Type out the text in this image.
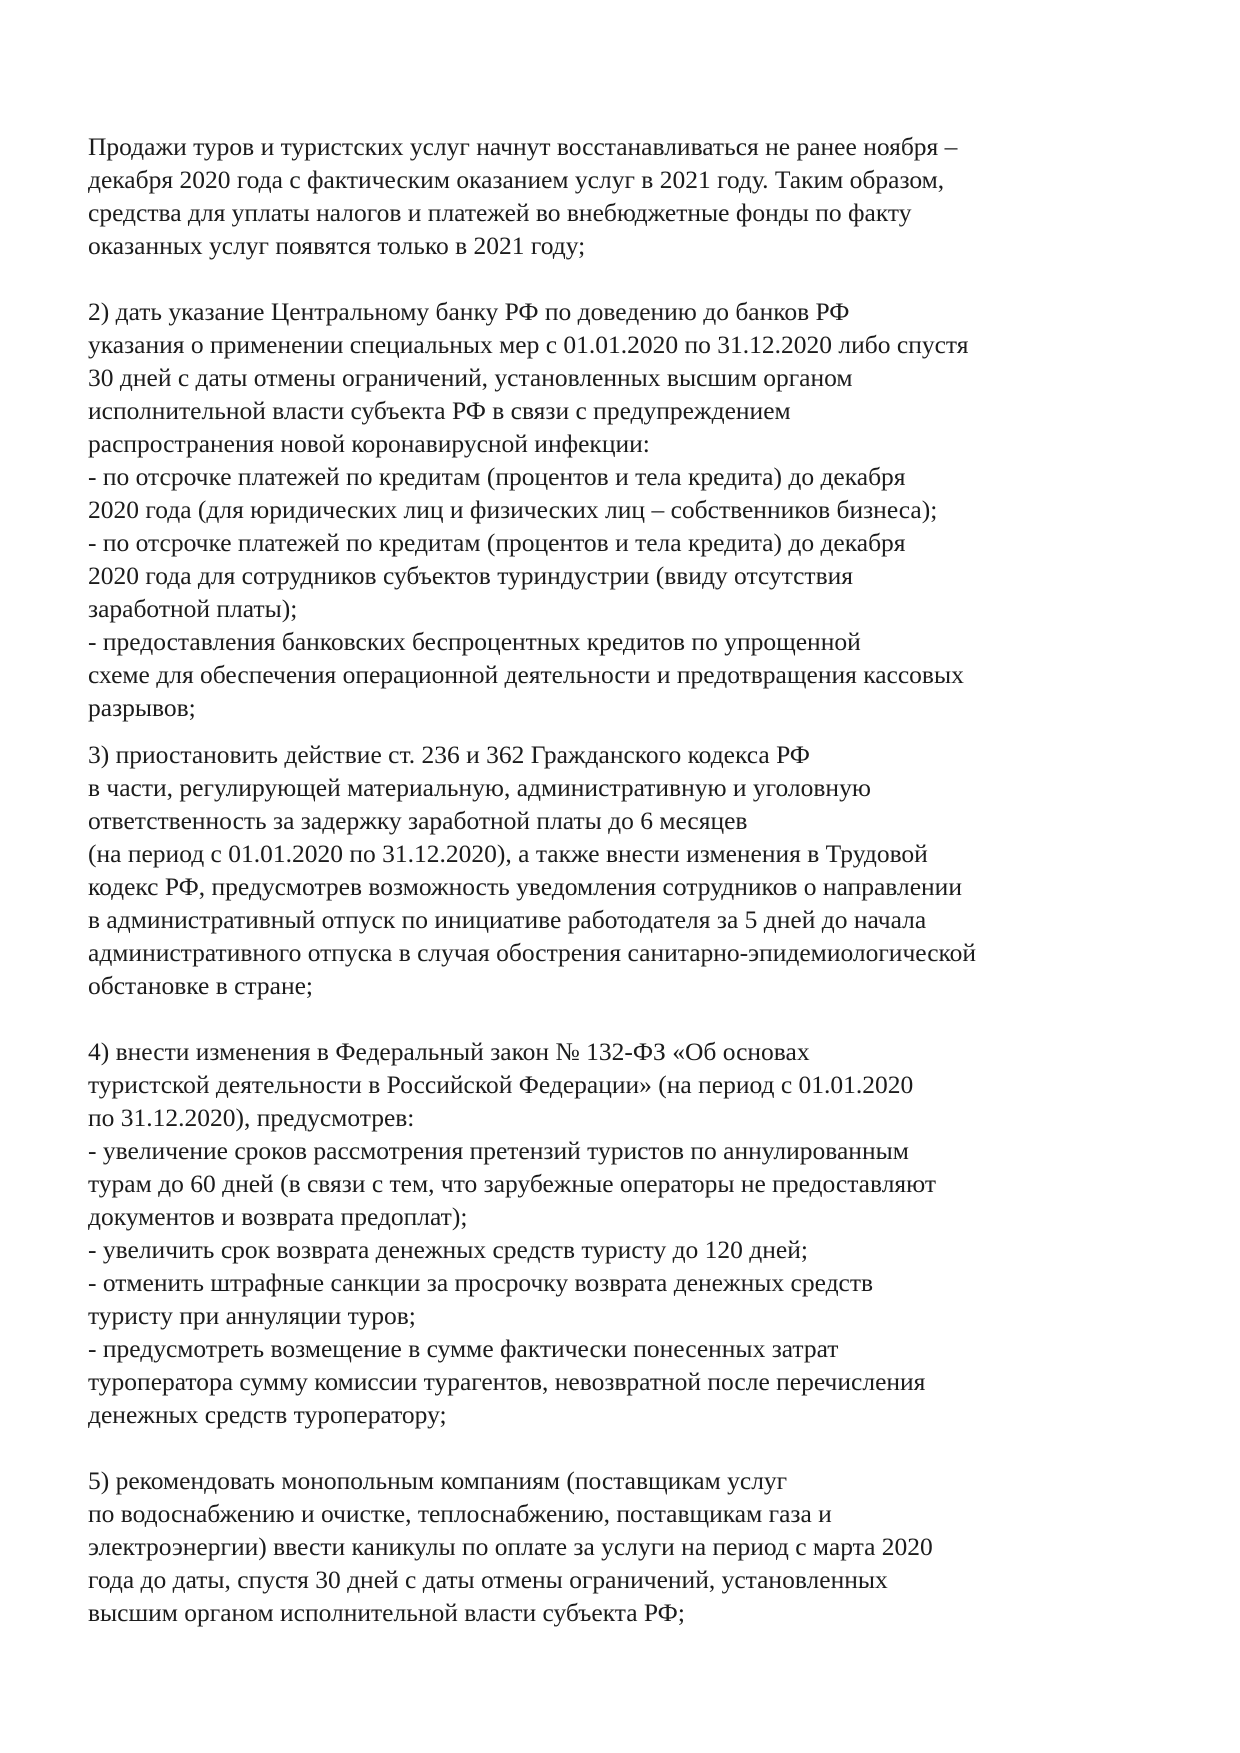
Продажи туров и туристских услуг начнут восстанавливаться не ранее ноября –
декабря 2020 года с фактическим оказанием услуг в 2021 году. Таким образом,
средства для уплаты налогов и платежей во внебюджетные фонды по факту
оказанных услуг появятся только в 2021 году;

2) дать указание Центральному банку РФ по доведению до банков РФ
указания о применении специальных мер с 01.01.2020 по 31.12.2020 либо спустя
30 дней с даты отмены ограничений, установленных высшим органом
исполнительной власти субъекта РФ в связи с предупреждением
распространения новой коронавирусной инфекции:
- по отсрочке платежей по кредитам (процентов и тела кредита) до декабря
2020 года (для юридических лиц и физических лиц – собственников бизнеса);
- по отсрочке платежей по кредитам (процентов и тела кредита) до декабря
2020 года для сотрудников субъектов туриндустрии (ввиду отсутствия
заработной платы);
- предоставления банковских беспроцентных кредитов по упрощенной
схеме для обеспечения операционной деятельности и предотвращения кассовых
разрывов;

3) приостановить действие ст. 236 и 362 Гражданского кодекса РФ
в части, регулирующей материальную, административную и уголовную
ответственность за задержку заработной платы до 6 месяцев
(на период с 01.01.2020 по 31.12.2020), а также внести изменения в Трудовой
кодекс РФ, предусмотрев возможность уведомления сотрудников о направлении
в административный отпуск по инициативе работодателя за 5 дней до начала
административного отпуска в случая обострения санитарно-эпидемиологической
обстановке в стране;

4) внести изменения в Федеральный закон № 132-ФЗ «Об основах
туристской деятельности в Российской Федерации» (на период с 01.01.2020
по 31.12.2020), предусмотрев:
- увеличение сроков рассмотрения претензий туристов по аннулированным
турам до 60 дней (в связи с тем, что зарубежные операторы не предоставляют
документов и возврата предоплат);
- увеличить срок возврата денежных средств туристу до 120 дней;
- отменить штрафные санкции за просрочку возврата денежных средств
туристу при аннуляции туров;
- предусмотреть возмещение в сумме фактически понесенных затрат
туроператора сумму комиссии турагентов, невозвратной после перечисления
денежных средств туроператору;

5) рекомендовать монопольным компаниям (поставщикам услуг
по водоснабжению и очистке, теплоснабжению, поставщикам газа и
электроэнергии) ввести каникулы по оплате за услуги на период с марта 2020
года до даты, спустя 30 дней с даты отмены ограничений, установленных
высшим органом исполнительной власти субъекта РФ;
